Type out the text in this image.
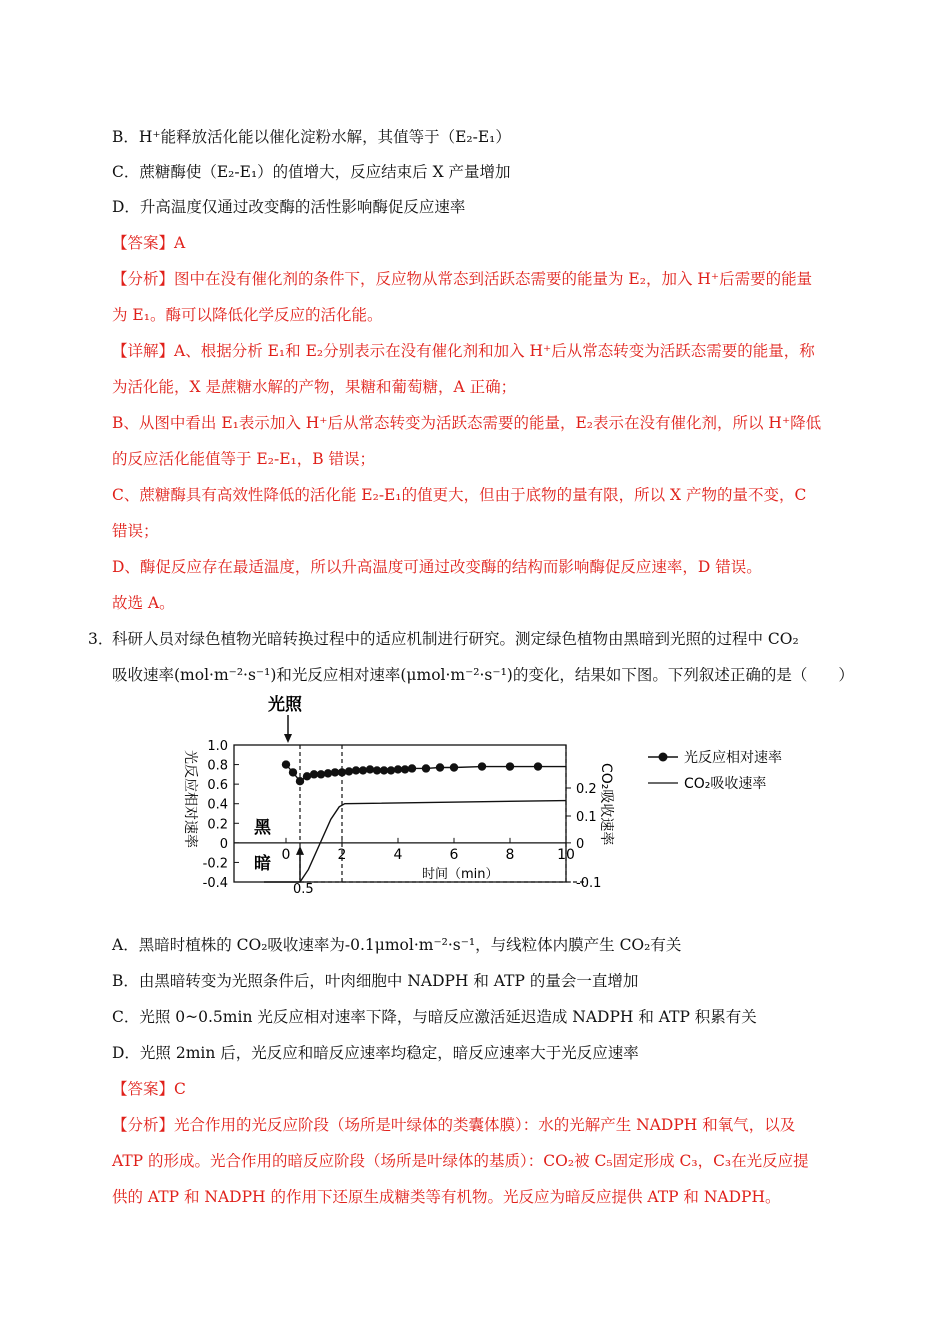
B．H⁺能释放活化能以催化淀粉水解，其值等于（E₂-E₁）
C．蔗糖酶使（E₂-E₁）的值增大，反应结束后 X 产量增加
D．升高温度仅通过改变酶的活性影响酶促反应速率
【答案】A
【分析】图中在没有催化剂的条件下，反应物从常态到活跃态需要的能量为 E₂，加入 H⁺后需要的能量
为 E₁。酶可以降低化学反应的活化能。
【详解】A、根据分析 E₁和 E₂分别表示在没有催化剂和加入 H⁺后从常态转变为活跃态需要的能量，称
为活化能，X 是蔗糖水解的产物，果糖和葡萄糖，A 正确；
B、从图中看出 E₁表示加入 H⁺后从常态转变为活跃态需要的能量，E₂表示在没有催化剂，所以 H⁺降低
的反应活化能值等于 E₂-E₁，B 错误；
C、蔗糖酶具有高效性降低的活化能 E₂-E₁的值更大，但由于底物的量有限，所以 X 产物的量不变，C
错误；
D、酶促反应存在最适温度，所以升高温度可通过改变酶的结构而影响酶促反应速率，D 错误。
故选 A。
3．
科研人员对绿色植物光暗转换过程中的适应机制进行研究。测定绿色植物由黑暗到光照的过程中 CO₂
吸收速率(mol·m⁻²·s⁻¹)和光反应相对速率(μmol·m⁻²·s⁻¹)的变化，结果如下图。下列叙述正确的是（　　）
光照
黑
暗
光反应相对速率	CO₂吸收速率
时间（min）
0.5
光反应相对速率
CO₂吸收速率
1.0
0.8
0.6
0.4
0.2
0
-0.2
-0.4
0.2
0.1
0
-0.1
0	2	4	6	8	10
A．黑暗时植株的 CO₂吸收速率为-0.1μmol·m⁻²·s⁻¹，与线粒体内膜产生 CO₂有关
B．由黑暗转变为光照条件后，叶肉细胞中 NADPH 和 ATP 的量会一直增加
C．光照 0~0.5min 光反应相对速率下降，与暗反应激活延迟造成 NADPH 和 ATP 积累有关
D．光照 2min 后，光反应和暗反应速率均稳定，暗反应速率大于光反应速率
【答案】C
【分析】光合作用的光反应阶段（场所是叶绿体的类囊体膜）：水的光解产生 NADPH 和氧气，以及
ATP 的形成。光合作用的暗反应阶段（场所是叶绿体的基质）：CO₂被 C₅固定形成 C₃，C₃在光反应提
供的 ATP 和 NADPH 的作用下还原生成糖类等有机物。光反应为暗反应提供 ATP 和 NADPH。
